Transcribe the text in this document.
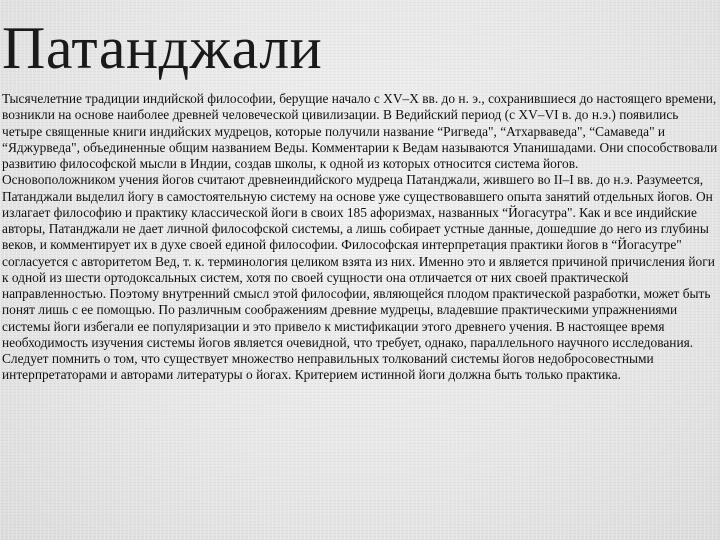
Патанджали

Тысячелетние традиции индийской философии, берущие начало с XV–X вв. до н. э., сохранившиеся до настоящего времени, возникли на основе наиболее древней человеческой цивилизации. В Ведийский период (с XV–VI в. до н.э.) появились четыре священные книги индийских мудрецов, которые получили название “Ригведа", “Атхарваведа", “Самаведа" и “Яджурведа", объединенные общим названием Веды. Комментарии к Ведам называются Упанишадами. Они способствовали развитию философской мысли в Индии, создав школы, к одной из которых относится система йогов.

Основоположником учения йогов считают древнеиндийского мудреца Патанджали, жившего во II–I вв. до н.э. Разумеется, Патанджали выделил йогу в самостоятельную систему на основе уже существовавшего опыта занятий отдельных йогов. Он излагает философию и практику классической йоги в своих 185 афоризмах, названных “Йогасутра". Как и все индийские авторы, Патанджали не дает личной философской системы, а лишь собирает устные данные, дошедшие до него из глубины веков, и комментирует их в духе своей единой философии. Философская интерпретация практики йогов в “Йогасутре" согласуется с авторитетом Вед, т. к. терминология целиком взята из них. Именно это и является причиной причисления йоги к одной из шести ортодоксальных систем, хотя по своей сущности она отличается от них своей практической направленностью. Поэтому внутренний смысл этой философии, являющейся плодом практической разработки, может быть понят лишь с ее помощью. По различным соображениям древние мудрецы, владевшие практическими упражнениями системы йоги избегали ее популяризации и это привело к мистификации этого древнего учения. В настоящее время необходимость изучения системы йогов является очевидной, что требует, однако, параллельного научного исследования. Следует помнить о том, что существует множество неправильных толкований системы йогов недобросовестными интерпретаторами и авторами литературы о йогах. Критерием истинной йоги должна быть только практика.
